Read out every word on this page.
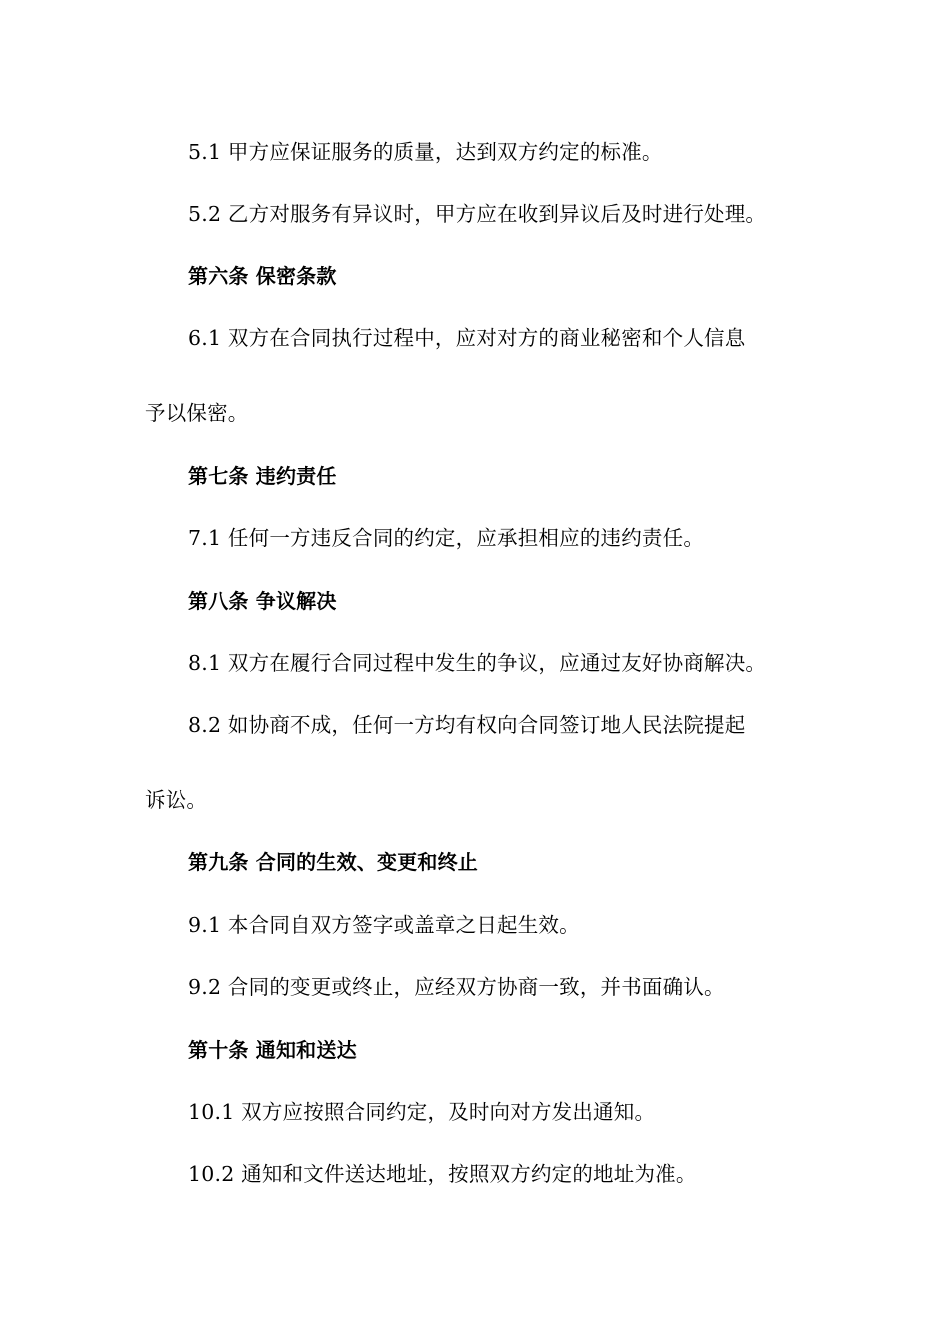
5.1 甲方应保证服务的质量，达到双方约定的标准。
5.2 乙方对服务有异议时，甲方应在收到异议后及时进行处理。
第六条 保密条款
6.1 双方在合同执行过程中，应对对方的商业秘密和个人信息
予以保密。
第七条 违约责任
7.1 任何一方违反合同的约定，应承担相应的违约责任。
第八条 争议解决
8.1 双方在履行合同过程中发生的争议，应通过友好协商解决。
8.2 如协商不成，任何一方均有权向合同签订地人民法院提起
诉讼。
第九条 合同的生效、变更和终止
9.1 本合同自双方签字或盖章之日起生效。
9.2 合同的变更或终止，应经双方协商一致，并书面确认。
第十条 通知和送达
10.1 双方应按照合同约定，及时向对方发出通知。
10.2 通知和文件送达地址，按照双方约定的地址为准。
